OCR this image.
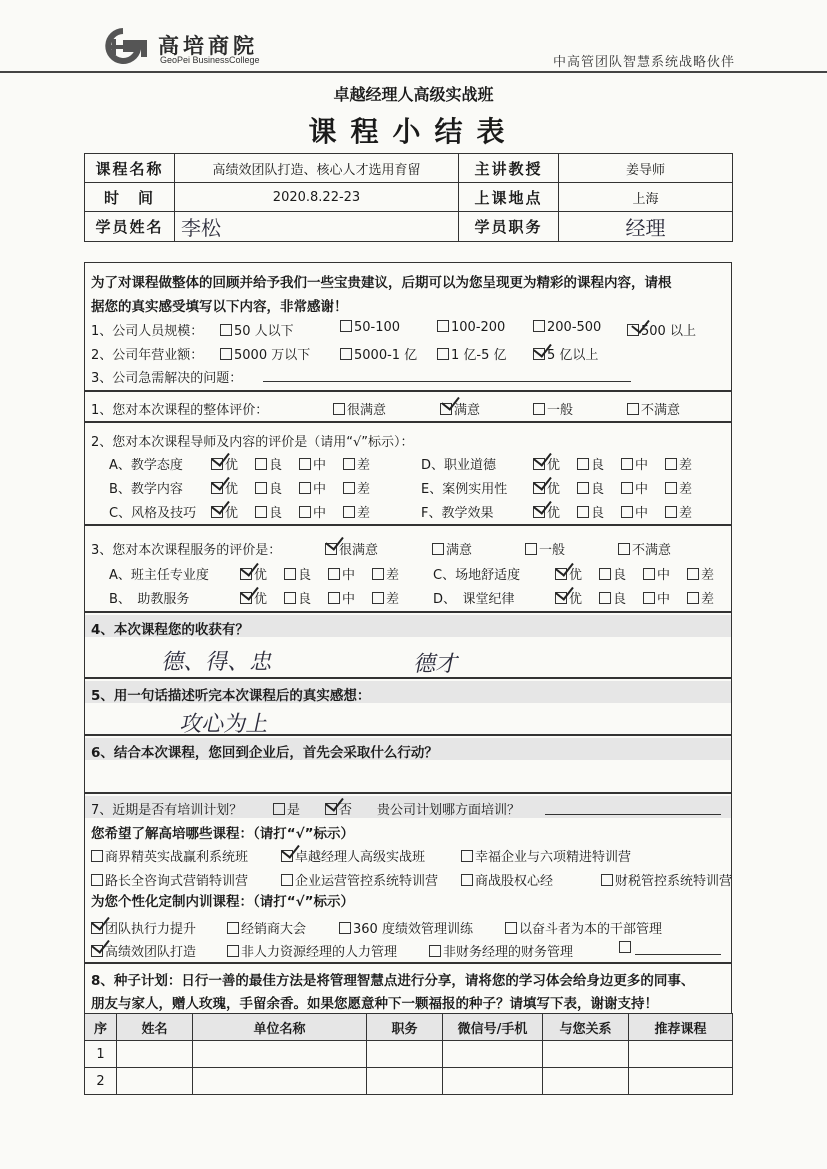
高培商院
GeoPei BusinessCollege	中高管团队智慧系统战略伙伴
卓越经理人高级实战班
课程小结表
课程名称	高绩效团队打造、核心人才选用育留	主讲教授	姜导师
时　间	2020.8.22-23	上课地点	上海
学员姓名	李松	学员职务	经理
为了对课程做整体的回顾并给予我们一些宝贵建议，后期可以为您呈现更为精彩的课程内容，请根
据您的真实感受填写以下内容，非常感谢！
1、公司人员规模：	50 人以下	50-100	100-200	200-500	500 以上
2、公司年营业额：	5000 万以下	5000-1 亿	1 亿-5 亿	5 亿以上
3、公司急需解决的问题：
1、您对本次课程的整体评价：	很满意	满意	一般	不满意
2、您对本次课程导师及内容的评价是（请用“√”标示）：
A、教学态度	优	良	中	差
B、教学内容	优	良	中	差
C、风格及技巧	优	良	中	差
D、职业道德	优	良	中	差
E、案例实用性	优	良	中	差
F、教学效果	优	良	中	差
3、您对本次课程服务的评价是：	很满意	满意	一般	不满意
A、班主任专业度	优	良	中	差
B、　助教服务	优	良	中	差
C、场地舒适度	优	良	中	差
D、　课堂纪律	优	良	中	差
4、本次课程您的收获有？
德、得、忠	德才
5、用一句话描述听完本次课程后的真实感想：
攻心为上
6、结合本次课程，您回到企业后，首先会采取什么行动？
7、近期是否有培训计划？	是	否 贵公司计划哪方面培训？
您希望了解高培哪些课程：（请打“√”标示）
商界精英实战赢利系统班	卓越经理人高级实战班	幸福企业与六项精进特训营
路长全咨询式营销特训营	企业运营管控系统特训营	商战股权心经	财税管控系统特训营
为您个性化定制内训课程：（请打“√”标示）
团队执行力提升	经销商大会	360 度绩效管理训练	以奋斗者为本的干部管理
高绩效团队打造	非人力资源经理的人力管理	非财务经理的财务管理
8、种子计划：日行一善的最佳方法是将管理智慧点进行分享，请将您的学习体会给身边更多的同事、
朋友与家人，赠人玫瑰，手留余香。如果您愿意种下一颗福报的种子？请填写下表，谢谢支持！
序	姓名	单位名称	职务	微信号/手机	与您关系	推荐课程
1						
2						
